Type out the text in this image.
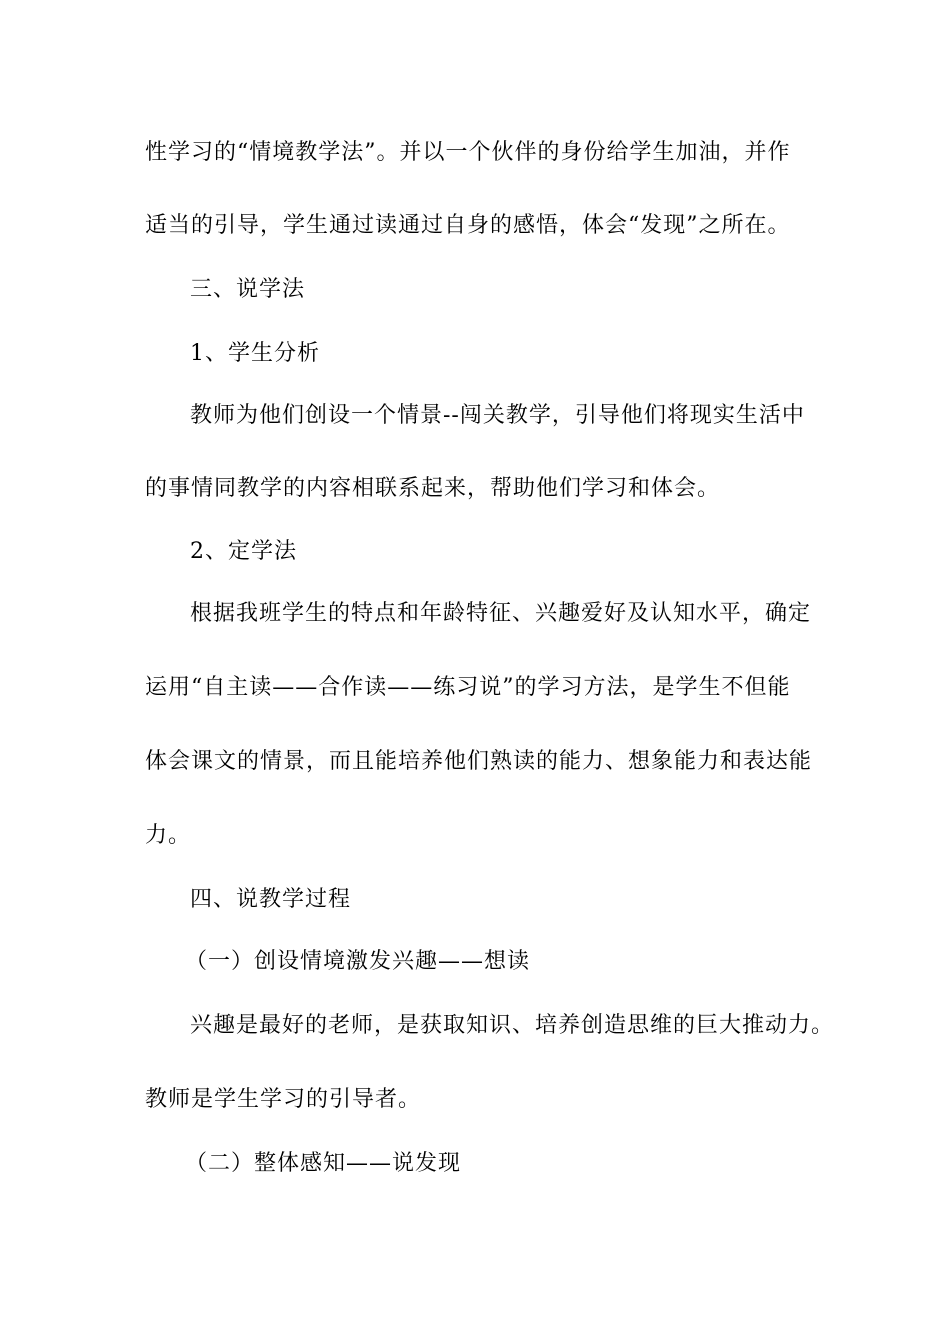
性学习的“情境教学法”。并以一个伙伴的身份给学生加油，并作
适当的引导，学生通过读通过自身的感悟，体会“发现”之所在。
三、说学法
1、学生分析
教师为他们创设一个情景--闯关教学，引导他们将现实生活中
的事情同教学的内容相联系起来，帮助他们学习和体会。
2、定学法
根据我班学生的特点和年龄特征、兴趣爱好及认知水平，确定
运用“自主读——合作读——练习说”的学习方法，是学生不但能
体会课文的情景，而且能培养他们熟读的能力、想象能力和表达能
力。
四、说教学过程
（一）创设情境激发兴趣——想读
兴趣是最好的老师，是获取知识、培养创造思维的巨大推动力。
教师是学生学习的引导者。
（二）整体感知——说发现
